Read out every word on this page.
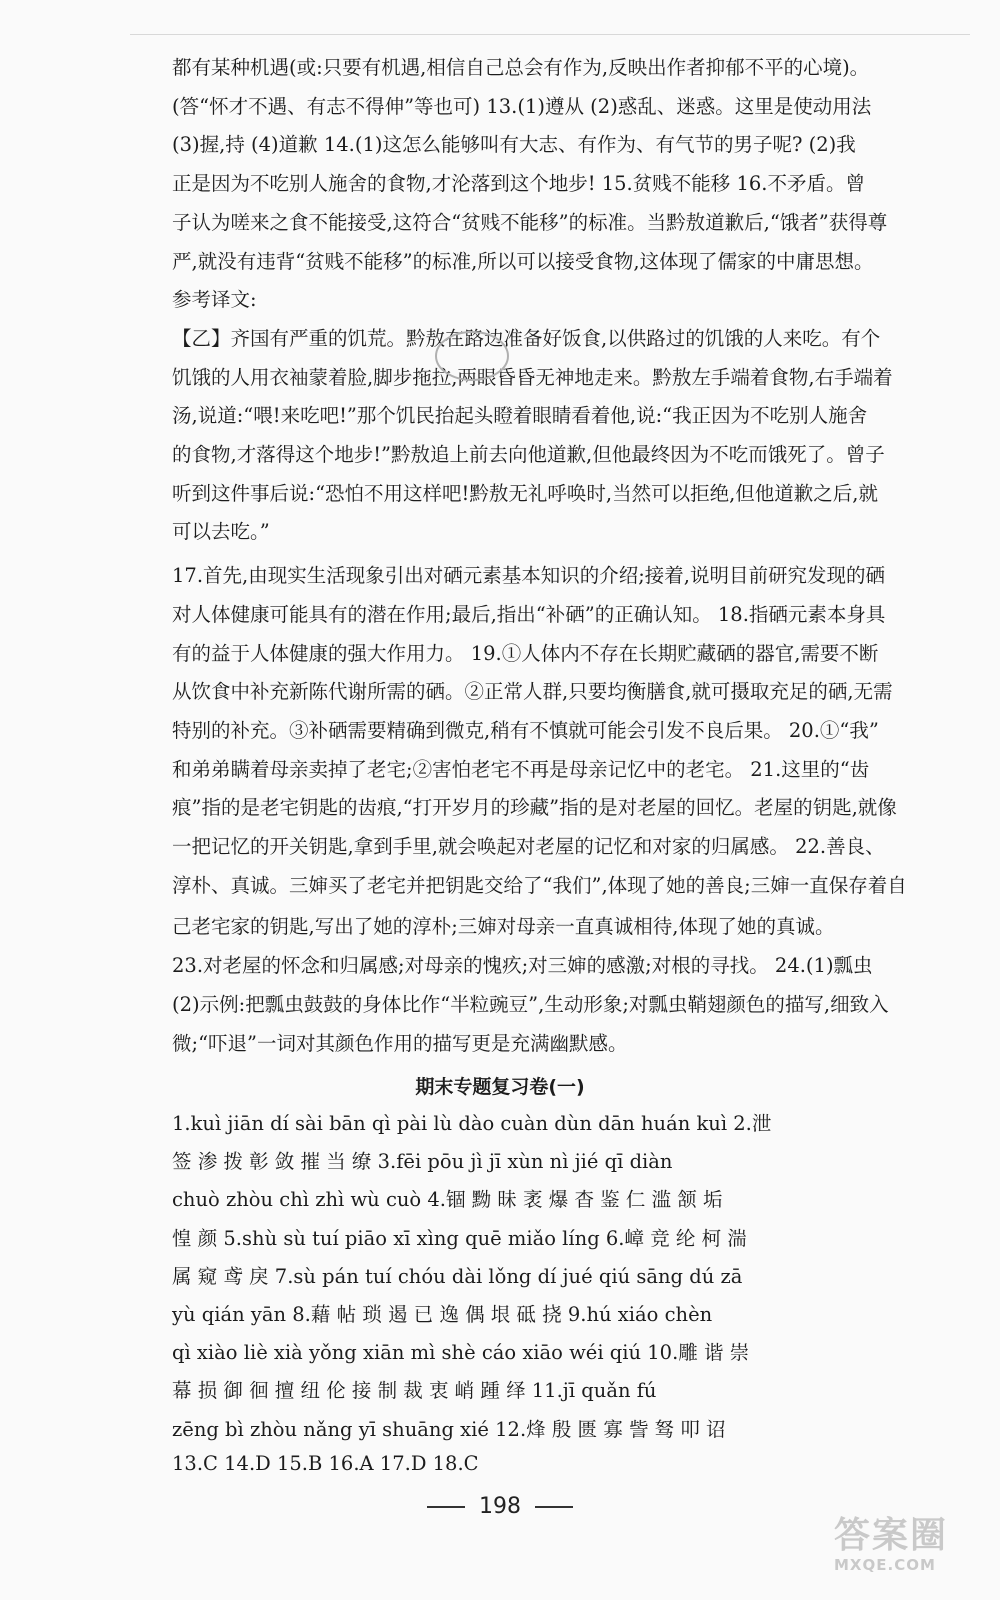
都有某种机遇(或:只要有机遇,相信自己总会有作为,反映出作者抑郁不平的心境)。
(答“怀才不遇、有志不得伸”等也可) 13.(1)遵从 (2)惑乱、迷惑。这里是使动用法
(3)握,持 (4)道歉 14.(1)这怎么能够叫有大志、有作为、有气节的男子呢? (2)我
正是因为不吃别人施舍的食物,才沦落到这个地步! 15.贫贱不能移 16.不矛盾。曾
子认为嗟来之食不能接受,这符合“贫贱不能移”的标准。当黔敖道歉后,“饿者”获得尊
严,就没有违背“贫贱不能移”的标准,所以可以接受食物,这体现了儒家的中庸思想。
参考译文:
【乙】齐国有严重的饥荒。黔敖在路边准备好饭食,以供路过的饥饿的人来吃。有个
饥饿的人用衣袖蒙着脸,脚步拖拉,两眼昏昏无神地走来。黔敖左手端着食物,右手端着
汤,说道:“喂!来吃吧!”那个饥民抬起头瞪着眼睛看着他,说:“我正因为不吃别人施舍
的食物,才落得这个地步!”黔敖追上前去向他道歉,但他最终因为不吃而饿死了。曾子
听到这件事后说:“恐怕不用这样吧!黔敖无礼呼唤时,当然可以拒绝,但他道歉之后,就
可以去吃。”
17.首先,由现实生活现象引出对硒元素基本知识的介绍;接着,说明目前研究发现的硒
对人体健康可能具有的潜在作用;最后,指出“补硒”的正确认知。 18.指硒元素本身具
有的益于人体健康的强大作用力。 19.①人体内不存在长期贮藏硒的器官,需要不断
从饮食中补充新陈代谢所需的硒。②正常人群,只要均衡膳食,就可摄取充足的硒,无需
特别的补充。③补硒需要精确到微克,稍有不慎就可能会引发不良后果。 20.①“我”
和弟弟瞒着母亲卖掉了老宅;②害怕老宅不再是母亲记忆中的老宅。 21.这里的“齿
痕”指的是老宅钥匙的齿痕,“打开岁月的珍藏”指的是对老屋的回忆。老屋的钥匙,就像
一把记忆的开关钥匙,拿到手里,就会唤起对老屋的记忆和对家的归属感。 22.善良、
淳朴、真诚。三婶买了老宅并把钥匙交给了“我们”,体现了她的善良;三婶一直保存着自
己老宅家的钥匙,写出了她的淳朴;三婶对母亲一直真诚相待,体现了她的真诚。
23.对老屋的怀念和归属感;对母亲的愧疚;对三婶的感激;对根的寻找。 24.(1)瓢虫
(2)示例:把瓢虫鼓鼓的身体比作“半粒豌豆”,生动形象;对瓢虫鞘翅颜色的描写,细致入
微;“吓退”一词对其颜色作用的描写更是充满幽默感。
期末专题复习卷(一)
1.kuì jiān dí sài bān qì pài lù dào cuàn dùn dān huán kuì 2.泄
签 渗 拨 彰 敛 摧 当 缭 3.fēi pōu jì jī xùn nì jié qī diàn
chuò zhòu chì zhì wù cuò 4.锢 黝 昧 袤 爆 杳 鉴 仁 滥 颔 垢
惶 颜 5.shù sù tuí piāo xī xìng quē miǎo líng 6.嶂 竞 纶 柯 湍
属 窥 鸢 戾 7.sù pán tuí chóu dài lǒng dí jué qiú sāng dú zā
yù qián yān 8.藉 帖 琐 遏 已 逸 偶 垠 砥 挠 9.hú xiáo chèn
qì xiào liè xià yǒng xiān mì shè cáo xiāo wéi qiú 10.雕 谐 崇
幕 损 御 徊 擅 纽 伦 接 制 裁 衷 峭 踵 绎 11.jī quǎn fú
zēng bì zhòu nǎng yī shuāng xié 12.烽 殷 匮 寡 訾 驽 叩 诏
13.C 14.D 15.B 16.A 17.D 18.C
198
答案圈
MXQE.COM
